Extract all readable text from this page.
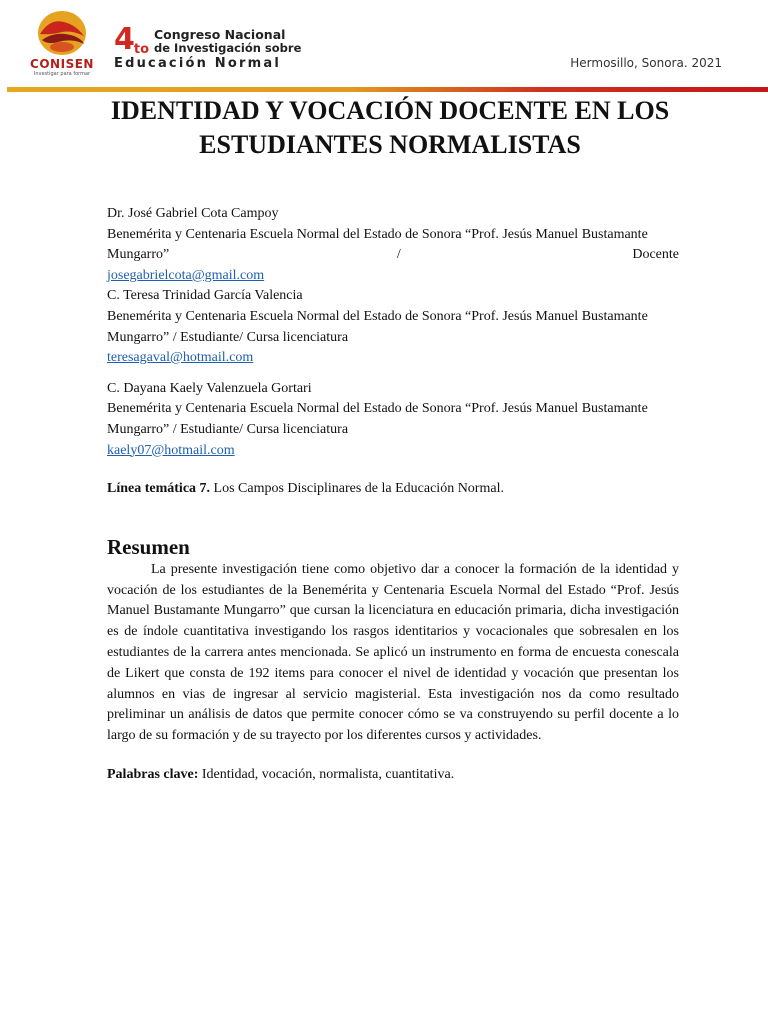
CONISEN
Investigar para formar
$4^{to}$
Congreso Nacional
de Investigación sobre
Educación Normal	Hermosillo, Sonora. 2021
IDENTIDAD Y VOCACIÓN DOCENTE EN LOS
ESTUDIANTES NORMALISTAS

Dr. José Gabriel Cota Campoy

Benemérita y Centenaria Escuela Normal del Estado de Sonora “Prof. Jesús Manuel Bustamante

Mungarro”                                                         /                                                          Docente

josegabrielcota@gmail.com

C. Teresa Trinidad García Valencia

Benemérita y Centenaria Escuela Normal del Estado de Sonora “Prof. Jesús Manuel Bustamante

Mungarro” / Estudiante/ Cursa licenciatura

teresagaval@hotmail.com

C. Dayana Kaely Valenzuela Gortari

Benemérita y Centenaria Escuela Normal del Estado de Sonora “Prof. Jesús Manuel Bustamante

Mungarro” / Estudiante/ Cursa licenciatura

kaely07@hotmail.com

Línea temática 7. Los Campos Disciplinares de la Educación Normal.

Resumen

La presente investigación tiene como objetivo dar a conocer la formación de la identidad y vocación de los estudiantes de la Benemérita y Centenaria Escuela Normal del Estado “Prof. Jesús Manuel Bustamante Mungarro” que cursan la licenciatura en educación primaria, dicha investigación es de índole cuantitativa investigando los rasgos identitarios y vocacionales que sobresalen en los estudiantes de la carrera antes mencionada. Se aplicó un instrumento en forma de encuesta conescala de Likert que consta de 192 items para conocer el nivel de identidad y vocación que presentan los alumnos en vias de ingresar al servicio magisterial. Esta investigación nos da como resultado preliminar un análisis de datos que permite conocer cómo se va construyendo su perfil docente a lo largo de su formación y de su trayecto por los diferentes cursos y actividades.

Palabras clave: Identidad, vocación, normalista, cuantitativa.
